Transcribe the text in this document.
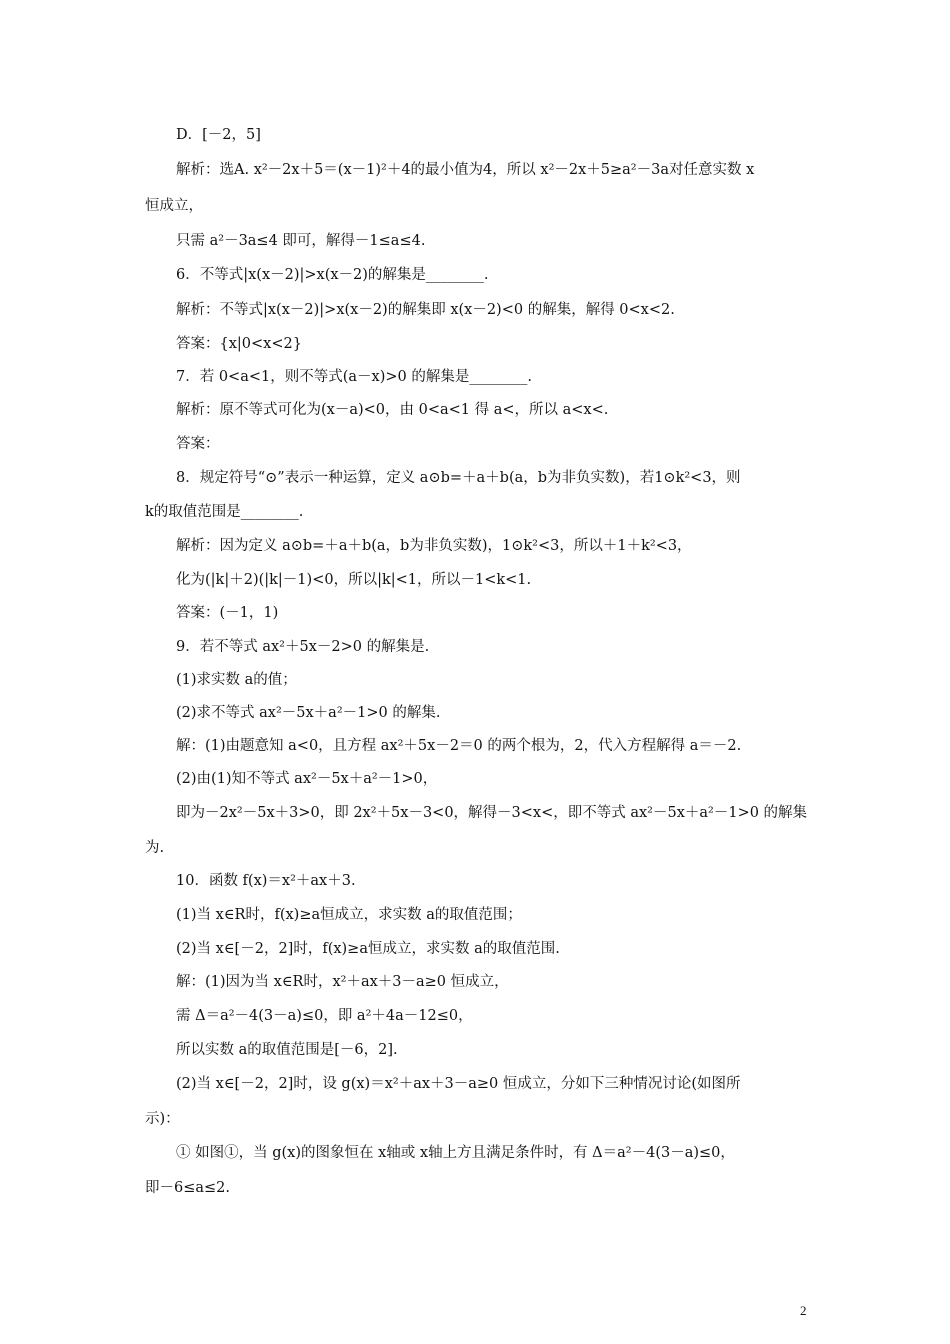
D．[－2，5]
解析：选A. x²－2x＋5＝(x－1)²＋4的最小值为4，所以 x²－2x＋5≥a²－3a对任意实数 x
恒成立，
只需 a²－3a≤4 即可，解得－1≤a≤4.
6．不等式|x(x－2)|>x(x－2)的解集是________.
解析：不等式|x(x－2)|>x(x－2)的解集即 x(x－2)<0 的解集，解得 0<x<2.
答案：{x|0<x<2}
7．若 0<a<1，则不等式(a－x)>0 的解集是________.
解析：原不等式可化为(x－a)<0，由 0<a<1 得 a<，所以 a<x<.
答案：
8．规定符号“⊙”表示一种运算，定义 a⊙b=＋a＋b(a，b为非负实数)，若1⊙k²<3，则
k的取值范围是________.
解析：因为定义 a⊙b=＋a＋b(a，b为非负实数)，1⊙k²<3，所以＋1＋k²<3，
化为(|k|＋2)(|k|－1)<0，所以|k|<1，所以－1<k<1.
答案：(－1，1)
9．若不等式 ax²＋5x－2>0 的解集是.
(1)求实数 a的值；
(2)求不等式 ax²－5x＋a²－1>0 的解集.
解：(1)由题意知 a<0，且方程 ax²＋5x－2＝0 的两个根为，2，代入方程解得 a＝－2.
(2)由(1)知不等式 ax²－5x＋a²－1>0，
即为－2x²－5x＋3>0，即 2x²＋5x－3<0，解得－3<x<，即不等式 ax²－5x＋a²－1>0 的解集
为.
10．函数 f(x)＝x²＋ax＋3.
(1)当 x∈R时，f(x)≥a恒成立，求实数 a的取值范围；
(2)当 x∈[－2，2]时，f(x)≥a恒成立，求实数 a的取值范围.
解：(1)因为当 x∈R时，x²＋ax＋3－a≥0 恒成立，
需 Δ＝a²－4(3－a)≤0，即 a²＋4a－12≤0，
所以实数 a的取值范围是[－6，2].
(2)当 x∈[－2，2]时，设 g(x)＝x²＋ax＋3－a≥0 恒成立，分如下三种情况讨论(如图所
示)：
① 如图①，当 g(x)的图象恒在 x轴或 x轴上方且满足条件时，有 Δ＝a²－4(3－a)≤0，
即－6≤a≤2.
2
